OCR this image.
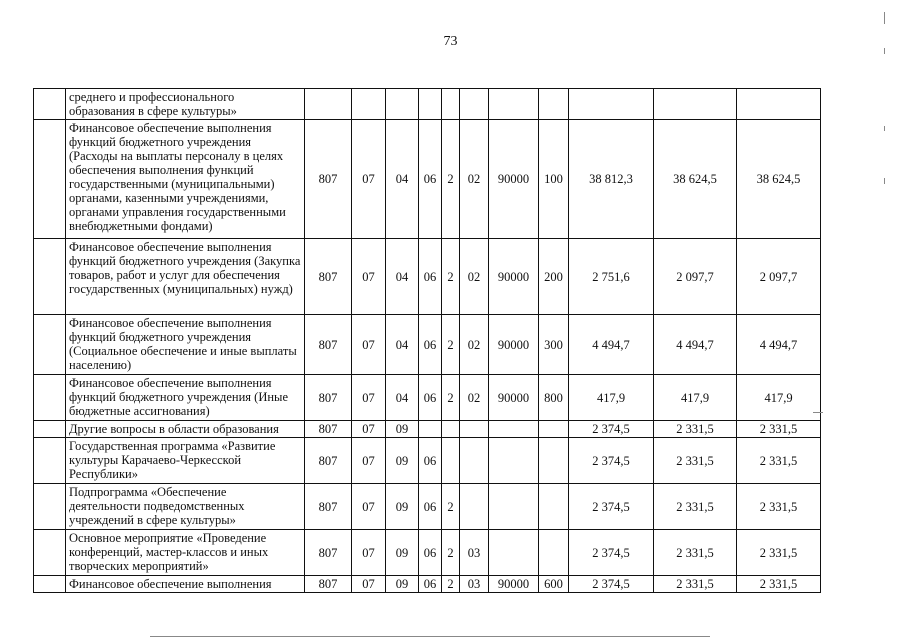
73
	среднего и профессионального образования в сфере культуры»											
	Финансовое обеспечение выполнения функций бюджетного учреждения (Расходы на выплаты персоналу в целях обеспечения выполнения функций государственными (муниципальными) органами, казенными учреждениями, органами управления государственными внебюджетными фондами)	807	07	04	06	2	02	90000	100	38 812,3	38 624,5	38 624,5
	Финансовое обеспечение выполнения функций бюджетного учреждения (Закупка товаров, работ и услуг для обеспечения государственных (муниципальных) нужд)	807	07	04	06	2	02	90000	200	2 751,6	2 097,7	2 097,7
	Финансовое обеспечение выполнения функций бюджетного учреждения (Социальное обеспечение и иные выплаты населению)	807	07	04	06	2	02	90000	300	4 494,7	4 494,7	4 494,7
	Финансовое обеспечение выполнения функций бюджетного учреждения (Иные бюджетные ассигнования)	807	07	04	06	2	02	90000	800	417,9	417,9	417,9
	Другие вопросы в области образования	807	07	09						2 374,5	2 331,5	2 331,5
	Государственная программа «Развитие культуры Карачаево-Черкесской Республики»	807	07	09	06					2 374,5	2 331,5	2 331,5
	Подпрограмма «Обеспечение деятельности подведомственных учреждений в сфере культуры»	807	07	09	06	2				2 374,5	2 331,5	2 331,5
	Основное мероприятие «Проведение конференций, мастер-классов и иных творческих мероприятий»	807	07	09	06	2	03			2 374,5	2 331,5	2 331,5
	Финансовое обеспечение выполнения	807	07	09	06	2	03	90000	600	2 374,5	2 331,5	2 331,5
